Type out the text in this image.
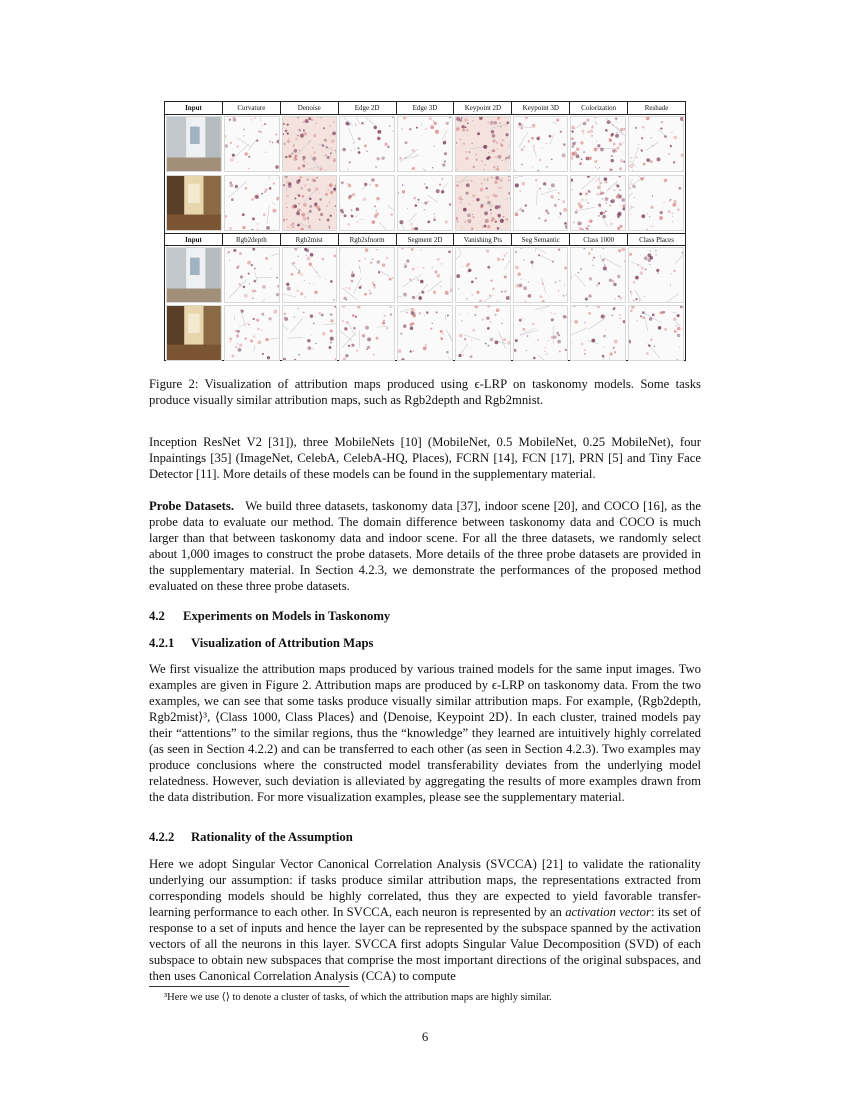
Input	Curvature	Denoise	Edge 2D	Edge 3D	Keypoint 2D	Keypoint 3D	Colorization	Reshade
Input	Rgb2depth	Rgb2mist	Rgb2sfnorm	Segment 2D	Vanishing Pts	Seg Semantic	Class 1000	Class Places
Figure 2: Visualization of attribution maps produced using ϵ-LRP on taskonomy models. Some tasks produce visually similar attribution maps, such as Rgb2depth and Rgb2mnist.

Inception ResNet V2 [31]), three MobileNets [10] (MobileNet, 0.5 MobileNet, 0.25 MobileNet), four Inpaintings [35] (ImageNet, CelebA, CelebA-HQ, Places), FCRN [14], FCN [17], PRN [5] and Tiny Face Detector [11]. More details of these models can be found in the supplementary material.

Probe Datasets. We build three datasets, taskonomy data [37], indoor scene [20], and COCO [16], as the probe data to evaluate our method. The domain difference between taskonomy data and COCO is much larger than that between taskonomy data and indoor scene. For all the three datasets, we randomly select about 1,000 images to construct the probe datasets. More details of the three probe datasets are provided in the supplementary material. In Section 4.2.3, we demonstrate the performances of the proposed method evaluated on these three probe datasets.

4.2 Experiments on Models in Taskonomy

4.2.1 Visualization of Attribution Maps

We first visualize the attribution maps produced by various trained models for the same input images. Two examples are given in Figure 2. Attribution maps are produced by ϵ-LRP on taskonomy data. From the two examples, we can see that some tasks produce visually similar attribution maps. For example, ⟨Rgb2depth, Rgb2mist⟩³, ⟨Class 1000, Class Places⟩ and ⟨Denoise, Keypoint 2D⟩. In each cluster, trained models pay their “attentions” to the similar regions, thus the “knowledge” they learned are intuitively highly correlated (as seen in Section 4.2.2) and can be transferred to each other (as seen in Section 4.2.3). Two examples may produce conclusions where the constructed model transferability deviates from the underlying model relatedness. However, such deviation is alleviated by aggregating the results of more examples drawn from the data distribution. For more visualization examples, please see the supplementary material.

4.2.2 Rationality of the Assumption

Here we adopt Singular Vector Canonical Correlation Analysis (SVCCA) [21] to validate the rationality underlying our assumption: if tasks produce similar attribution maps, the representations extracted from corresponding models should be highly correlated, thus they are expected to yield favorable transfer-learning performance to each other. In SVCCA, each neuron is represented by an activation vector: its set of response to a set of inputs and hence the layer can be represented by the subspace spanned by the activation vectors of all the neurons in this layer. SVCCA first adopts Singular Value Decomposition (SVD) of each subspace to obtain new subspaces that comprise the most important directions of the original subspaces, and then uses Canonical Correlation Analysis (CCA) to compute

³Here we use ⟨⟩ to denote a cluster of tasks, of which the attribution maps are highly similar.
6
